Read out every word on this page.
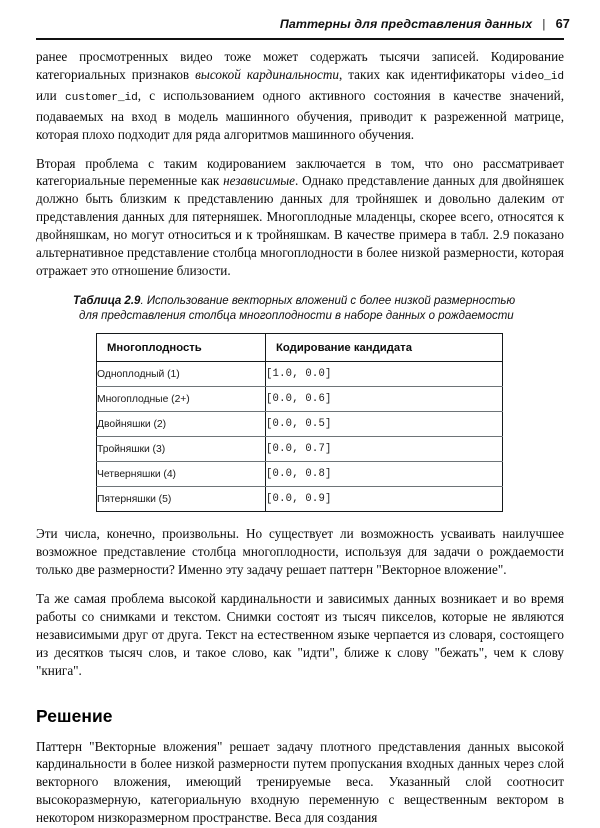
Паттерны для представления данных | 67

ранее просмотренных видео тоже может содержать тысячи записей. Кодирование категориальных признаков высокой кардинальности, таких как идентификаторы video_id или customer_id, с использованием одного активного состояния в качестве значений, подаваемых на вход в модель машинного обучения, приводит к разреженной матрице, которая плохо подходит для ряда алгоритмов машинного обучения.

Вторая проблема с таким кодированием заключается в том, что оно рассматривает категориальные переменные как независимые. Однако представление данных для двойняшек должно быть близким к представлению данных для тройняшек и довольно далеким от представления данных для пятерняшек. Многоплодные младенцы, скорее всего, относятся к двойняшкам, но могут относиться и к тройняшкам. В качестве примера в табл. 2.9 показано альтернативное представление столбца многоплодности в более низкой размерности, которая отражает это отношение близости.

Таблица 2.9. Использование векторных вложений с более низкой размерностью
для представления столбца многоплодности в наборе данных о рождаемости
Многоплодность	Кодирование кандидата
Одноплодный (1)	[1.0, 0.0]
Многоплодные (2+)	[0.0, 0.6]
Двойняшки (2)	[0.0, 0.5]
Тройняшки (3)	[0.0, 0.7]
Четверняшки (4)	[0.0, 0.8]
Пятерняшки (5)	[0.0, 0.9]

Эти числа, конечно, произвольны. Но существует ли возможность усваивать наилучшее возможное представление столбца многоплодности, используя для задачи о рождаемости только две размерности? Именно эту задачу решает паттерн "Векторное вложение".

Та же самая проблема высокой кардинальности и зависимых данных возникает и во время работы со снимками и текстом. Снимки состоят из тысяч пикселов, которые не являются независимыми друг от друга. Текст на естественном языке черпается из словаря, состоящего из десятков тысяч слов, и такое слово, как "идти", ближе к слову "бежать", чем к слову "книга".

Решение

Паттерн "Векторные вложения" решает задачу плотного представления данных высокой кардинальности в более низкой размерности путем пропускания входных данных через слой векторного вложения, имеющий тренируемые веса. Указанный слой соотносит высокоразмерную, категориальную входную переменную с вещественным вектором в некотором низкоразмерном пространстве. Веса для создания
